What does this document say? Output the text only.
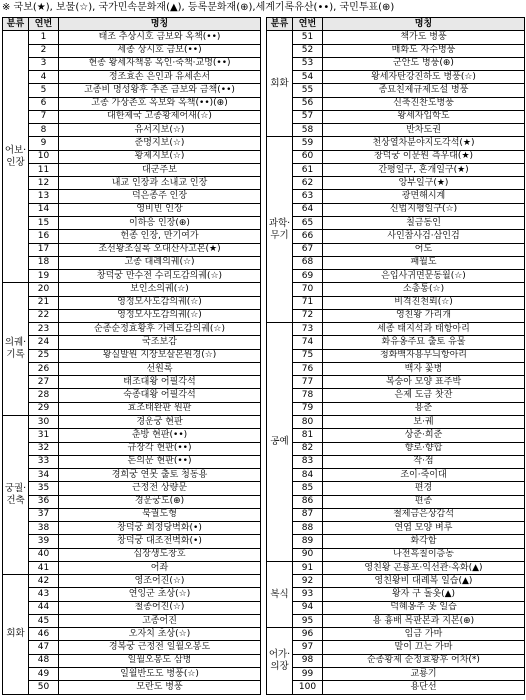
※ 국보(★), 보물(☆), 국가민속문화재(▲), 등록문화재(⊕),세계기록유산(••), 국민투표(⊕)
분류	연번	명칭
어보·인장	1	태조 추상시호 금보와 옥책(••)
	2	세종 상시호 금보(••)
	3	현종 왕세자책봉 옥인·죽책·교명(••)
	4	정조효손 은인과 유세손서
	5	고종비 명성왕후 추존 금보와 금책(••)
	6	고종 가상존호 옥보와 옥책(••)(⊕)
	7	대한제국 고종황제어새(☆)
	8	유서지보(☆)
	9	준명지보(☆)
	10	황제지보(☆)
	11	대군주보
	12	내교 인장과 소내교 인장
	13	덕은종주 인장
	14	영비빈 인장
	15	이하응 인장(⊕)
	16	헌종 인장, 만기여가
	17	조선왕조실록 오대산사고본(★)
	18	고종 대례의궤(☆)
	19	창덕궁 만수전 수리도감의궤(☆)
의궤·기록	20	보인소의궤(☆)
	21	영정모사도감의궤(☆)
	22	영정모사도감의궤(☆)
	23	순종순정효황후 가례도감의궤(☆)
	24	국조보감
	25	왕실발원 지장보살본원경(☆)
	26	선원록
	27	태조대왕 어필각석
	28	숙종대왕 어필각석
	29	효조태완판 원판
궁궐·건축	30	경운궁 현판
	31	춘방 현판(••)
	32	규장각 현판(••)
	33	돈의문 현판(••)
	34	경희궁 연못 출토 청동용
	35	근정전 상량문
	36	경운궁도(⊕)
	37	북궐도형
	38	창덕궁 희정당벽화(•)
	39	창덕궁 대조전벽화(•)
	40	십장생도창호
	41	어좌
회화	42	영조어진(☆)
	43	연잉군 초상(☆)
	44	철종어진(☆)
	45	고종어진
	46	오자치 초상(☆)
	47	경복궁 근정전 일월오봉도
	48	일월오봉도 삼병
	49	일월반도도 병풍(☆)
	50	모란도 병풍
분류	연번	명칭
회화	51	책가도 병풍
	52	매화도 자수병풍
	53	군안도 병풍(⊕)
	54	왕세자탄강진하도 병풍(☆)
	55	종묘친제규제도설 병풍
	56	신축진찬도병풍
	57	왕세자입학도
	58	반차도권
과학·무기	59	천상열차분야지도각석(★)
	60	창덕궁 이문원 측우대(★)
	61	간평일구, 혼개일구(★)
	62	앙부일구(★)
	63	광면해시계
	64	신법지평일구(☆)
	65	칠금동인
	66	사인참사검·삼인검
	67	어도
	68	패월도
	69	은입사귀면문동월(☆)
	70	소총통(☆)
	71	비격진천뢰(☆)
	72	영친왕 가리개
공예	73	세종 태지석과 태항아리
	74	화유옹주묘 출토 유물
	75	청화백자용무늬항아리
	76	백자 꽃병
	77	복숭아 모양 표주박
	78	은제 도금 찻잔
	79	용준
	80	보·궤
	81	상준·희준
	82	향로·향합
	83	작·점
	84	조이·죽이대
	85	편경
	86	편종
	87	철제금은상감석
	88	연엽 모양 벼루
	89	화각함
	90	나전흑칠이층농
복식	91	영친왕 곤룡포·익선관·옥화(▲)
	92	영친왕비 대례복 일습(▲)
	93	왕자 구 돌옷(▲)
	94	덕혜옹주 옷 일습
	95	용 흉배 목판본과 지본(⊕)
어가·의장	96	임금 가마
	97	말이 끄는 가마
	98	순종황제 순정효황후 어차(*)
	99	교룡기
	100	용단선
